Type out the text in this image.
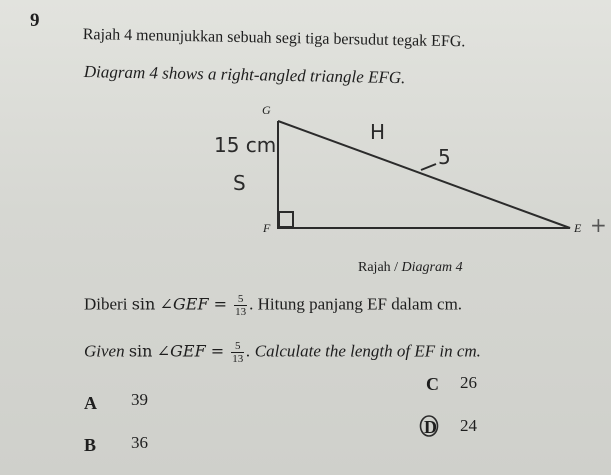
9
Rajah 4 menunjukkan sebuah segi tiga bersudut tegak EFG.
Diagram 4 shows a right-angled triangle EFG.
G
F	E
H
5
15 cm
S
+
Rajah / Diagram 4
Diberi sin ∠GEF = $\frac{5}{13}$ . Hitung panjang EF dalam cm.
Given sin ∠GEF = $\frac{5}{13}$ . Calculate the length of EF in cm.
A 39
B 36
C 26
D 24
